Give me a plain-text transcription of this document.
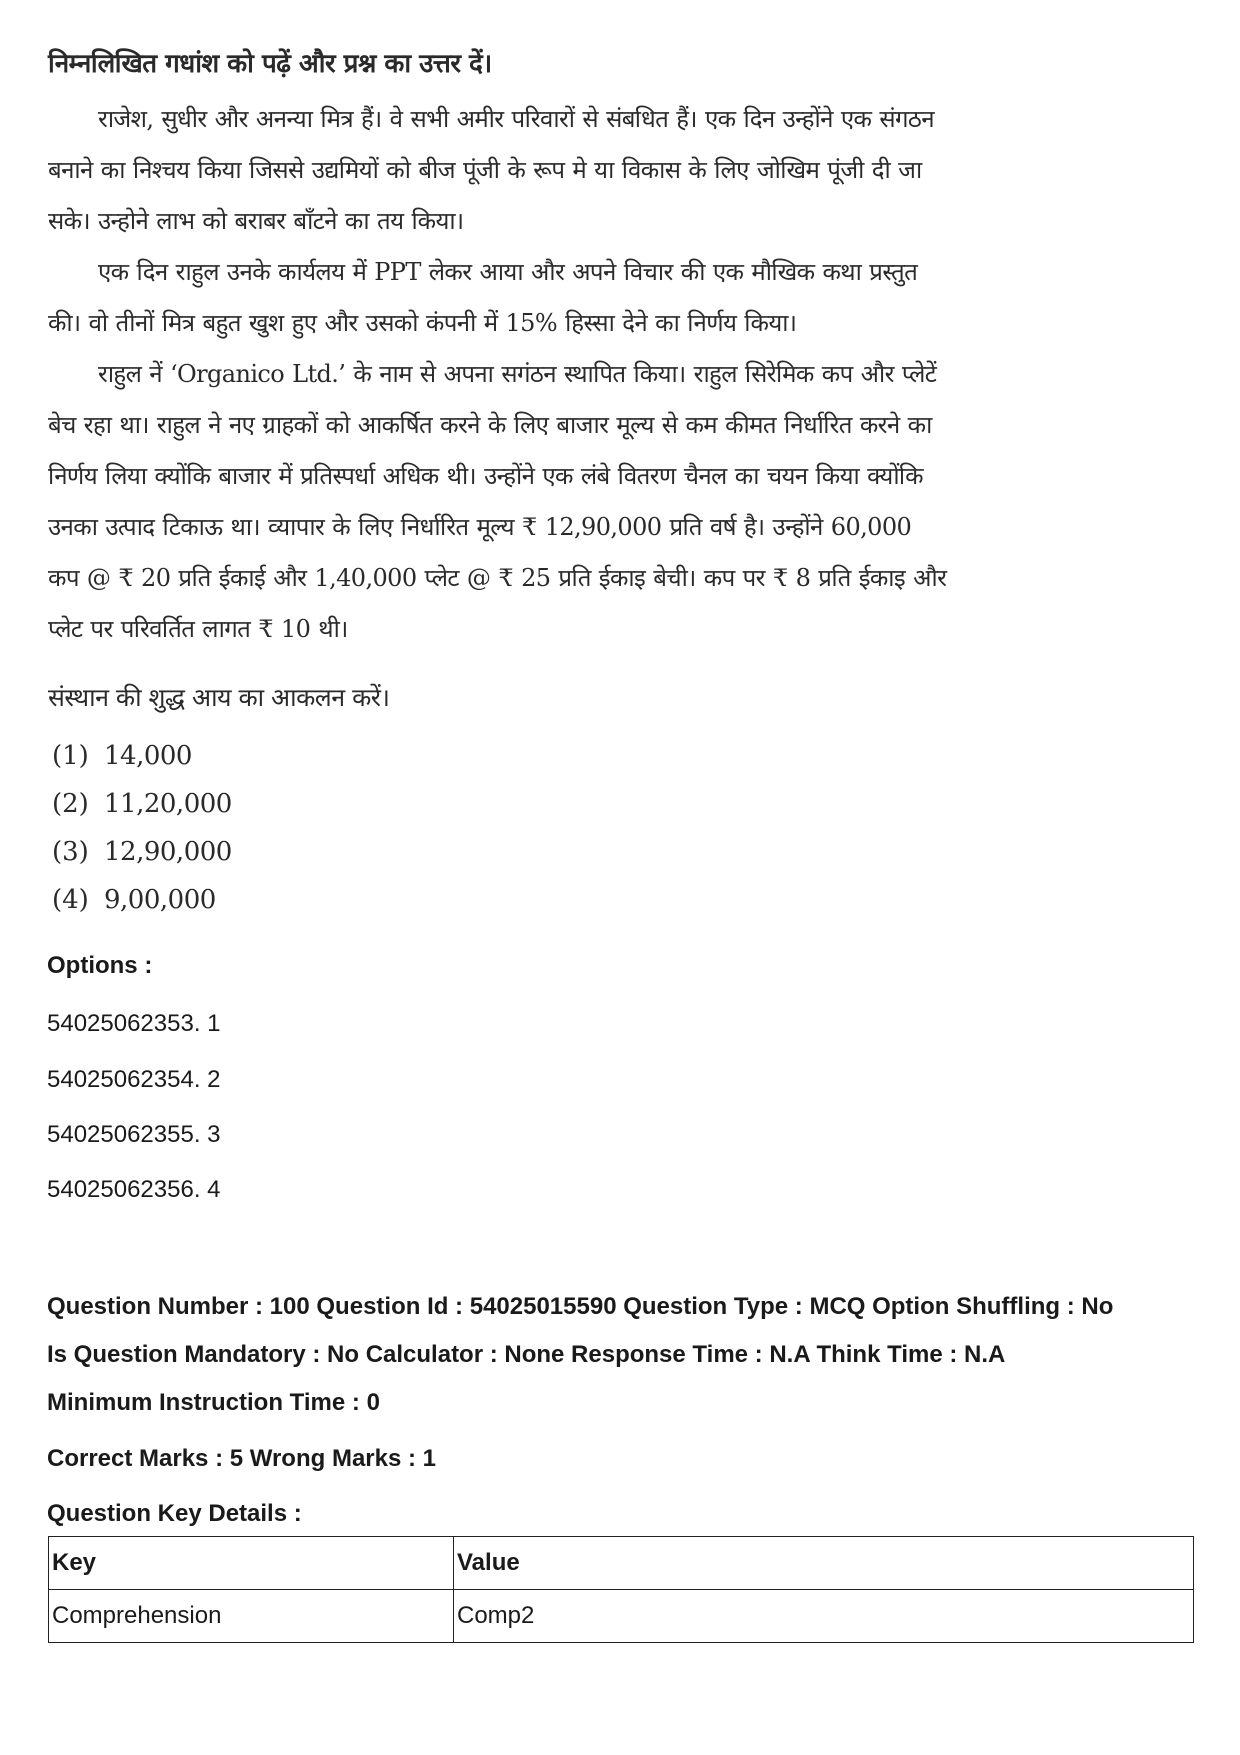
निम्नलिखित गधांश को पढ़ें और प्रश्न का उत्तर दें।

राजेश, सुधीर और अनन्या मित्र हैं। वे सभी अमीर परिवारों से संबधित हैं। एक दिन उन्होंने एक संगठन बनाने का निश्चय किया जिससे उद्यमियों को बीज पूंजी के रूप मे या विकास के लिए जोखिम पूंजी दी जा सके। उन्होने लाभ को बराबर बाँटने का तय किया।

एक दिन राहुल उनके कार्यलय में PPT लेकर आया और अपने विचार की एक मौखिक कथा प्रस्तुत की। वो तीनों मित्र बहुत खुश हुए और उसको कंपनी में 15% हिस्सा देने का निर्णय किया।

राहुल नें ‘Organico Ltd.’ के नाम से अपना सगंठन स्थापित किया। राहुल सिरेमिक कप और प्लेटें बेच रहा था। राहुल ने नए ग्राहकों को आकर्षित करने के लिए बाजार मूल्य से कम कीमत निर्धारित करने का निर्णय लिया क्योंकि बाजार में प्रतिस्पर्धा अधिक थी। उन्होंने एक लंबे वितरण चैनल का चयन किया क्योंकि उनका उत्पाद टिकाऊ था। व्यापार के लिए निर्धारित मूल्य ₹ 12,90,000 प्रति वर्ष है। उन्होंने 60,000 कप @ ₹ 20 प्रति ईकाई और 1,40,000 प्लेट @ ₹ 25 प्रति ईकाइ बेची। कप पर ₹ 8 प्रति ईकाइ और प्लेट पर परिवर्तित लागत ₹ 10 थी।

संस्थान की शुद्ध आय का आकलन करें।
(1) 14,000
(2) 11,20,000
(3) 12,90,000
(4) 9,00,000
Options :
54025062353. 1
54025062354. 2
54025062355. 3
54025062356. 4
Question Number : 100 Question Id : 54025015590 Question Type : MCQ Option Shuffling : No
Is Question Mandatory : No Calculator : None Response Time : N.A Think Time : N.A
Minimum Instruction Time : 0
Correct Marks : 5 Wrong Marks : 1
Question Key Details :
Key	Value
Comprehension	Comp2
